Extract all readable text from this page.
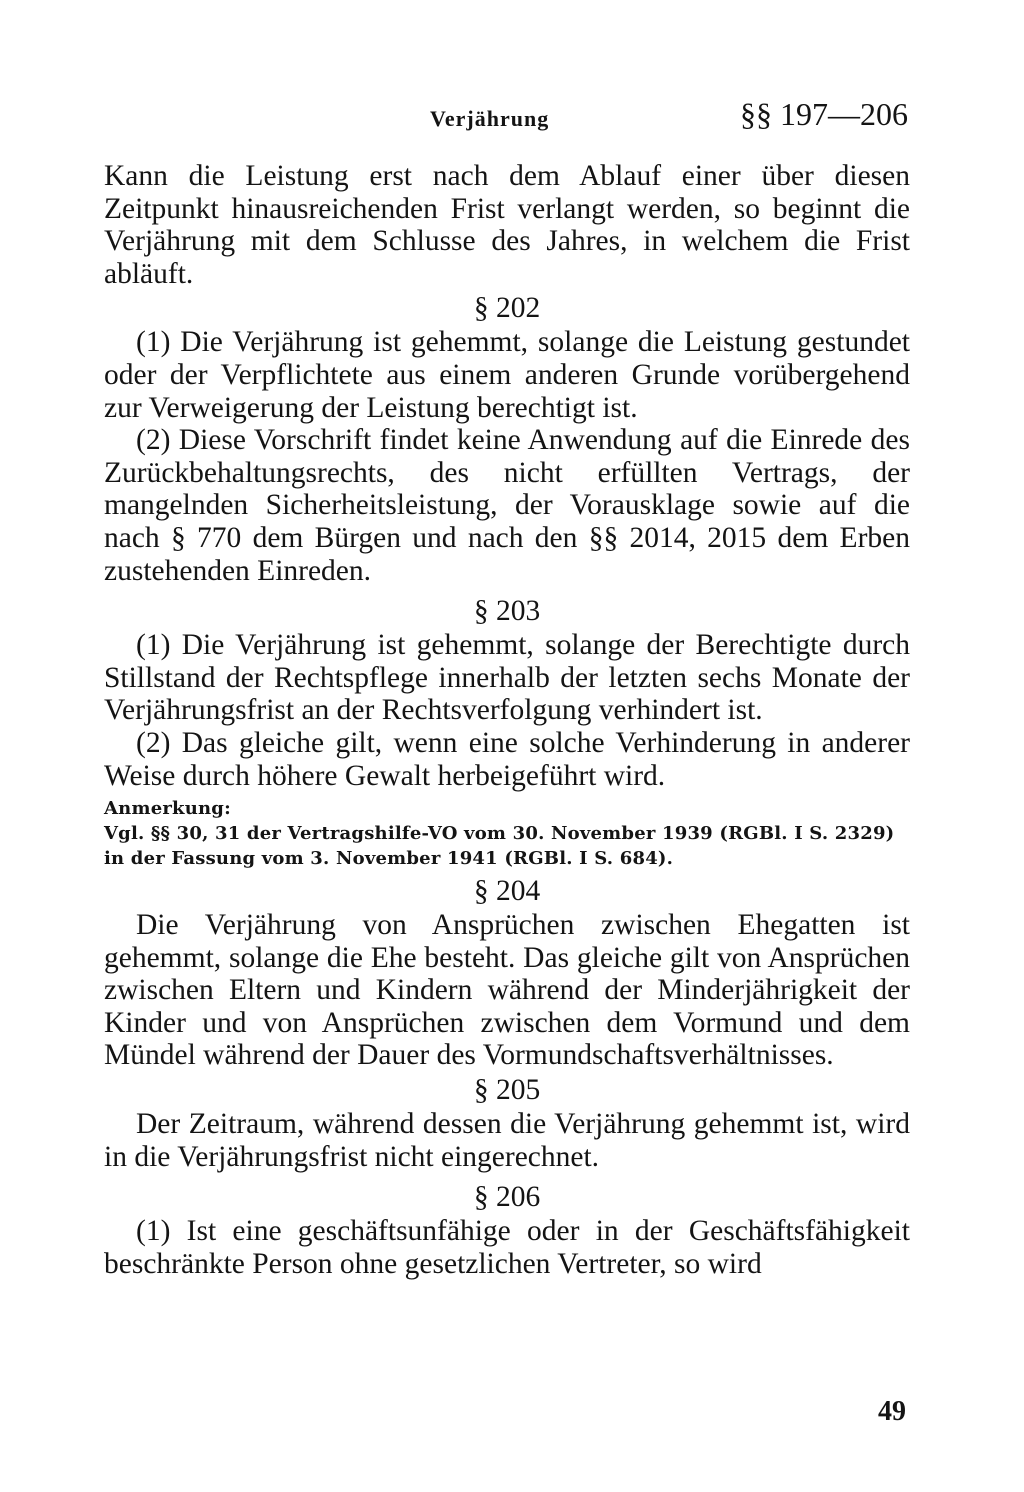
Verjährung	§§ 197—206

Kann die Leistung erst nach dem Ablauf einer über diesen Zeitpunkt hinausreichenden Frist verlangt werden, so beginnt die Verjährung mit dem Schlusse des Jahres, in welchem die Frist abläuft.

§ 202

(1) Die Verjährung ist gehemmt, solange die Leistung gestundet oder der Verpflichtete aus einem anderen Grunde vorübergehend zur Verweigerung der Leistung berechtigt ist.

(2) Diese Vorschrift findet keine Anwendung auf die Einrede des Zurückbehaltungsrechts, des nicht erfüllten Vertrags, der mangelnden Sicherheitsleistung, der Vorausklage sowie auf die nach § 770 dem Bürgen und nach den §§ 2014, 2015 dem Erben zustehenden Einreden.

§ 203

(1) Die Verjährung ist gehemmt, solange der Berechtigte durch Stillstand der Rechtspflege innerhalb der letzten sechs Monate der Verjährungsfrist an der Rechtsverfolgung verhindert ist.

(2) Das gleiche gilt, wenn eine solche Verhinderung in anderer Weise durch höhere Gewalt herbeigeführt wird.

Anmerkung:
Vgl. §§ 30, 31 der Vertragshilfe-VO vom 30. November 1939 (RGBl. I S. 2329) in der Fassung vom 3. November 1941 (RGBl. I S. 684).

§ 204

Die Verjährung von Ansprüchen zwischen Ehegatten ist gehemmt, solange die Ehe besteht. Das gleiche gilt von Ansprüchen zwischen Eltern und Kindern während der Minderjährigkeit der Kinder und von Ansprüchen zwischen dem Vormund und dem Mündel während der Dauer des Vormundschaftsverhältnisses.

§ 205

Der Zeitraum, während dessen die Verjährung gehemmt ist, wird in die Verjährungsfrist nicht eingerechnet.

§ 206

(1) Ist eine geschäftsunfähige oder in der Geschäftsfähigkeit beschränkte Person ohne gesetzlichen Vertreter, so wird

49
